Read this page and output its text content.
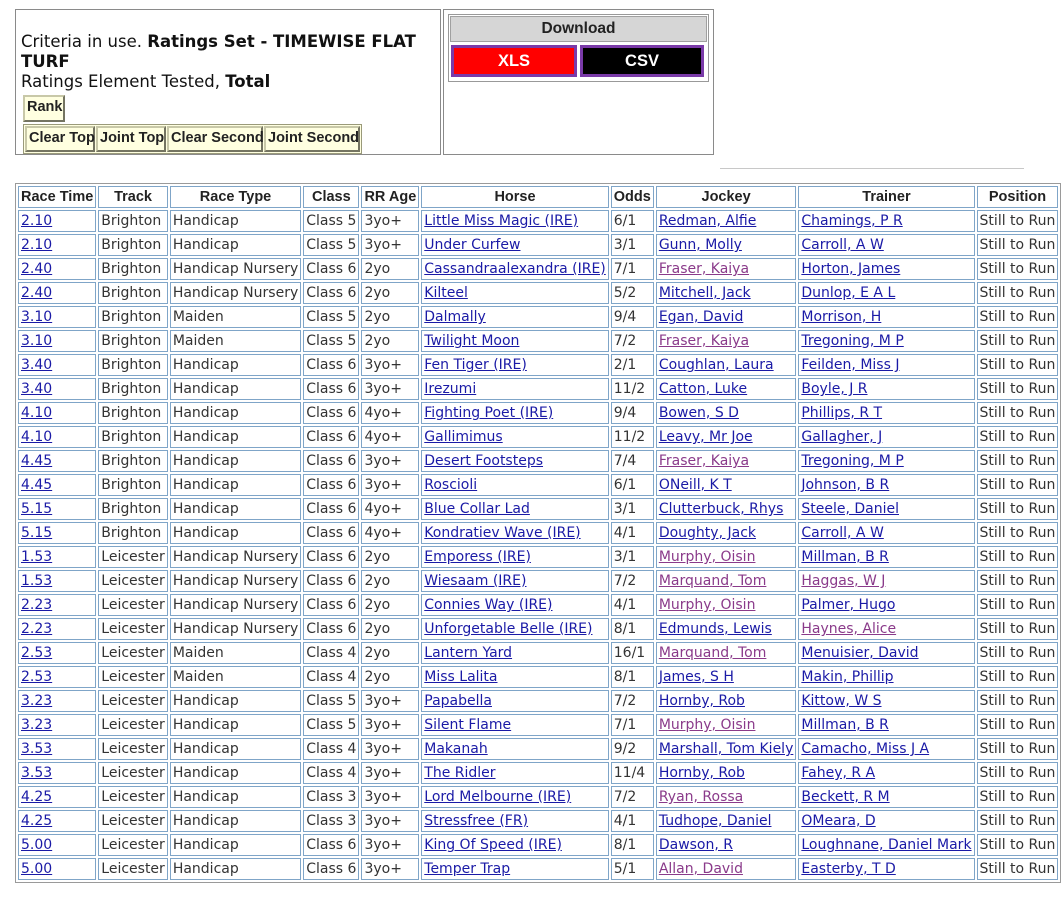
Criteria in use. Ratings Set - TIMEWISE FLAT TURF
Ratings Element Tested, Total
Rank
Clear Top Joint Top Clear Second Joint Second
Download
XLS	CSV
Race Time	Track	Race Type	Class	RR Age	Horse	Odds	Jockey	Trainer	Position
2.10	Brighton	Handicap	Class 5	3yo+	Little Miss Magic (IRE)	6/1	Redman, Alfie	Chamings, P R	Still to Run
2.10	Brighton	Handicap	Class 5	3yo+	Under Curfew	3/1	Gunn, Molly	Carroll, A W	Still to Run
2.40	Brighton	Handicap Nursery	Class 6	2yo	Cassandraalexandra (IRE)	7/1	Fraser, Kaiya	Horton, James	Still to Run
2.40	Brighton	Handicap Nursery	Class 6	2yo	Kilteel	5/2	Mitchell, Jack	Dunlop, E A L	Still to Run
3.10	Brighton	Maiden	Class 5	2yo	Dalmally	9/4	Egan, David	Morrison, H	Still to Run
3.10	Brighton	Maiden	Class 5	2yo	Twilight Moon	7/2	Fraser, Kaiya	Tregoning, M P	Still to Run
3.40	Brighton	Handicap	Class 6	3yo+	Fen Tiger (IRE)	2/1	Coughlan, Laura	Feilden, Miss J	Still to Run
3.40	Brighton	Handicap	Class 6	3yo+	Irezumi	11/2	Catton, Luke	Boyle, J R	Still to Run
4.10	Brighton	Handicap	Class 6	4yo+	Fighting Poet (IRE)	9/4	Bowen, S D	Phillips, R T	Still to Run
4.10	Brighton	Handicap	Class 6	4yo+	Gallimimus	11/2	Leavy, Mr Joe	Gallagher, J	Still to Run
4.45	Brighton	Handicap	Class 6	3yo+	Desert Footsteps	7/4	Fraser, Kaiya	Tregoning, M P	Still to Run
4.45	Brighton	Handicap	Class 6	3yo+	Roscioli	6/1	ONeill, K T	Johnson, B R	Still to Run
5.15	Brighton	Handicap	Class 6	4yo+	Blue Collar Lad	3/1	Clutterbuck, Rhys	Steele, Daniel	Still to Run
5.15	Brighton	Handicap	Class 6	4yo+	Kondratiev Wave (IRE)	4/1	Doughty, Jack	Carroll, A W	Still to Run
1.53	Leicester	Handicap Nursery	Class 6	2yo	Emporess (IRE)	3/1	Murphy, Oisin	Millman, B R	Still to Run
1.53	Leicester	Handicap Nursery	Class 6	2yo	Wiesaam (IRE)	7/2	Marquand, Tom	Haggas, W J	Still to Run
2.23	Leicester	Handicap Nursery	Class 6	2yo	Connies Way (IRE)	4/1	Murphy, Oisin	Palmer, Hugo	Still to Run
2.23	Leicester	Handicap Nursery	Class 6	2yo	Unforgetable Belle (IRE)	8/1	Edmunds, Lewis	Haynes, Alice	Still to Run
2.53	Leicester	Maiden	Class 4	2yo	Lantern Yard	16/1	Marquand, Tom	Menuisier, David	Still to Run
2.53	Leicester	Maiden	Class 4	2yo	Miss Lalita	8/1	James, S H	Makin, Phillip	Still to Run
3.23	Leicester	Handicap	Class 5	3yo+	Papabella	7/2	Hornby, Rob	Kittow, W S	Still to Run
3.23	Leicester	Handicap	Class 5	3yo+	Silent Flame	7/1	Murphy, Oisin	Millman, B R	Still to Run
3.53	Leicester	Handicap	Class 4	3yo+	Makanah	9/2	Marshall, Tom Kiely	Camacho, Miss J A	Still to Run
3.53	Leicester	Handicap	Class 4	3yo+	The Ridler	11/4	Hornby, Rob	Fahey, R A	Still to Run
4.25	Leicester	Handicap	Class 3	3yo+	Lord Melbourne (IRE)	7/2	Ryan, Rossa	Beckett, R M	Still to Run
4.25	Leicester	Handicap	Class 3	3yo+	Stressfree (FR)	4/1	Tudhope, Daniel	OMeara, D	Still to Run
5.00	Leicester	Handicap	Class 6	3yo+	King Of Speed (IRE)	8/1	Dawson, R	Loughnane, Daniel Mark	Still to Run
5.00	Leicester	Handicap	Class 6	3yo+	Temper Trap	5/1	Allan, David	Easterby, T D	Still to Run
